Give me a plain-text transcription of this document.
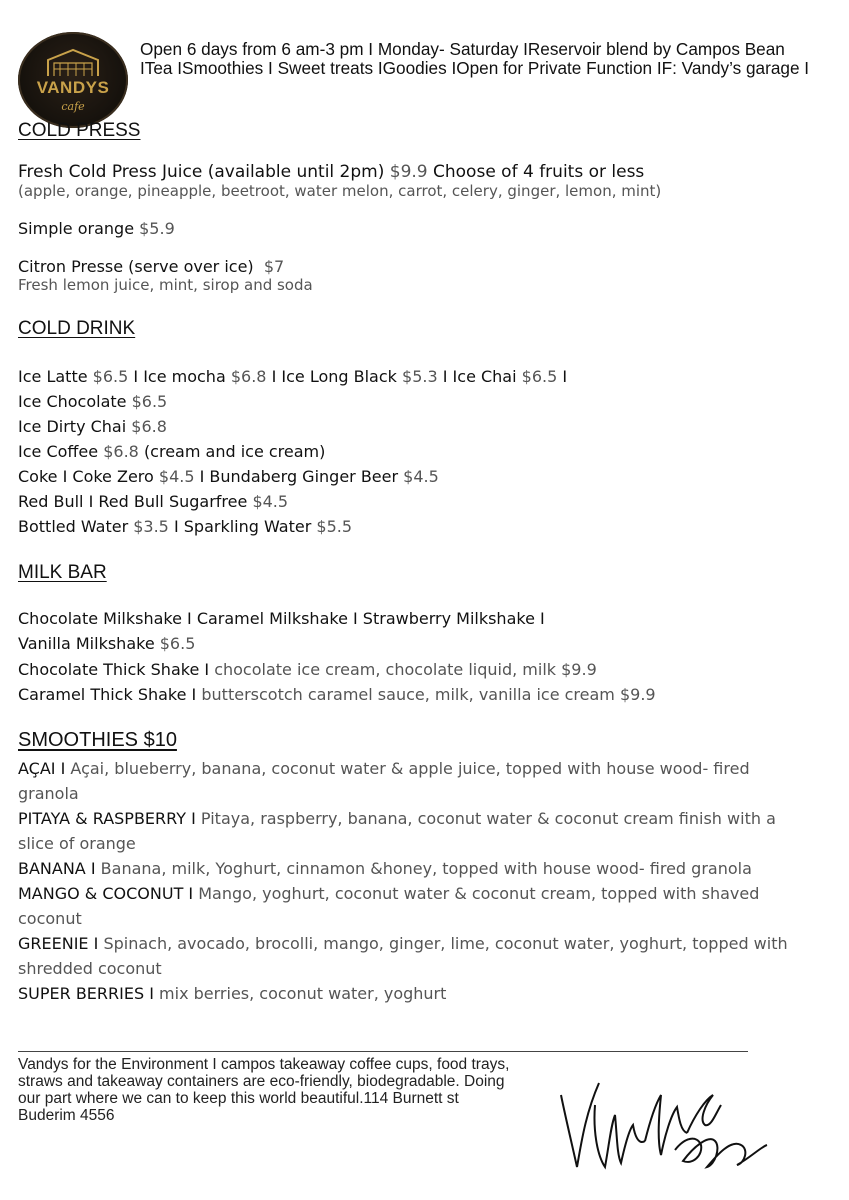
VANDYS
cafe
Open 6 days from 6 am-3 pm I Monday- Saturday IReservoir blend by Campos Bean ITea ISmoothies I Sweet treats IGoodies IOpen for Private Function IF: Vandy’s garage I
COLD PRESS
Fresh Cold Press Juice (available until 2pm) $9.9 Choose of 4 fruits or less
(apple, orange, pineapple, beetroot, water melon, carrot, celery, ginger, lemon, mint)
Simple orange $5.9
Citron Presse (serve over ice) $7
Fresh lemon juice, mint, sirop and soda
COLD DRINK
Ice Latte $6.5 I Ice mocha $6.8 I Ice Long Black $5.3 I Ice Chai $6.5 I
Ice Chocolate $6.5
Ice Dirty Chai $6.8
Ice Coffee $6.8 (cream and ice cream)
Coke I Coke Zero $4.5 I Bundaberg Ginger Beer $4.5
Red Bull I Red Bull Sugarfree $4.5
Bottled Water $3.5 I Sparkling Water $5.5
MILK BAR
Chocolate Milkshake I Caramel Milkshake I Strawberry Milkshake I
Vanilla Milkshake $6.5
Chocolate Thick Shake I chocolate ice cream, chocolate liquid, milk $9.9
Caramel Thick Shake I butterscotch caramel sauce, milk, vanilla ice cream $9.9
SMOOTHIES $10
AÇAI I Açai, blueberry, banana, coconut water & apple juice, topped with house wood- fired granola
PITAYA & RASPBERRY I Pitaya, raspberry, banana, coconut water & coconut cream finish with a slice of orange
BANANA I Banana, milk, Yoghurt, cinnamon &honey, topped with house wood- fired granola
MANGO & COCONUT I Mango, yoghurt, coconut water & coconut cream, topped with shaved coconut
GREENIE I Spinach, avocado, brocolli, mango, ginger, lime, coconut water, yoghurt, topped with shredded coconut
SUPER BERRIES I mix berries, coconut water, yoghurt
Vandys for the Environment I campos takeaway coffee cups, food trays, straws and takeaway containers are eco-friendly, biodegradable. Doing our part where we can to keep this world beautiful.114 Burnett st Buderim 4556
